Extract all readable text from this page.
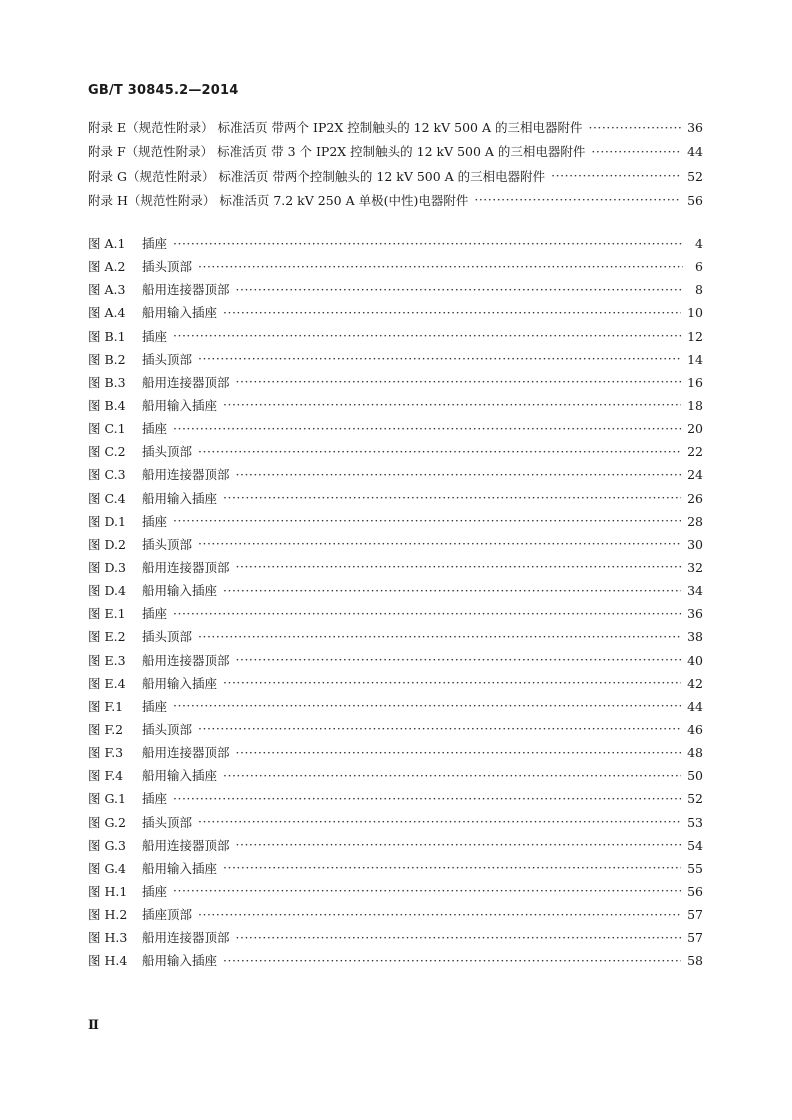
GB/T 30845.2—2014
附录 E（规范性附录） 标准活页 带两个 IP2X 控制触头的 12 kV 500 A 的三相电器附件 ·····	36
附录 F（规范性附录） 标准活页 带 3 个 IP2X 控制触头的 12 kV 500 A 的三相电器附件 ·····	44
附录 G（规范性附录） 标准活页 带两个控制触头的 12 kV 500 A 的三相电器附件 ·····	52
附录 H（规范性附录） 标准活页 7.2 kV 250 A 单极(中性)电器附件 ·····	56
图 A.1 插座 ·····	4
图 A.2 插头顶部 ·····	6
图 A.3 船用连接器顶部 ·····	8
图 A.4 船用输入插座 ·····	10
图 B.1 插座 ·····	12
图 B.2 插头顶部 ·····	14
图 B.3 船用连接器顶部 ·····	16
图 B.4 船用输入插座 ·····	18
图 C.1 插座 ·····	20
图 C.2 插头顶部 ·····	22
图 C.3 船用连接器顶部 ·····	24
图 C.4 船用输入插座 ·····	26
图 D.1 插座 ·····	28
图 D.2 插头顶部 ·····	30
图 D.3 船用连接器顶部 ·····	32
图 D.4 船用输入插座 ·····	34
图 E.1 插座 ·····	36
图 E.2 插头顶部 ·····	38
图 E.3 船用连接器顶部 ·····	40
图 E.4 船用输入插座 ·····	42
图 F.1 插座 ·····	44
图 F.2 插头顶部 ·····	46
图 F.3 船用连接器顶部 ·····	48
图 F.4 船用输入插座 ·····	50
图 G.1 插座 ·····	52
图 G.2 插头顶部 ·····	53
图 G.3 船用连接器顶部 ·····	54
图 G.4 船用输入插座 ·····	55
图 H.1 插座 ·····	56
图 H.2 插座顶部 ·····	57
图 H.3 船用连接器顶部 ·····	57
图 H.4 船用输入插座 ·····	58
Ⅱ
